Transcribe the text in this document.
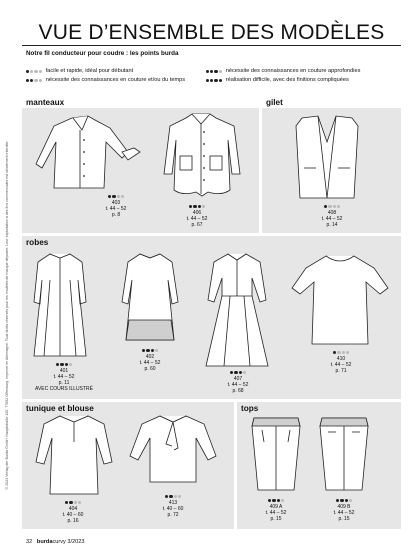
© 2023 Verlag der Burda GmbH, Hauptstraße 130, 77652 Offenburg. Imprimé en Allemagne. Tous droits réservés pour les modèles de marque déposée. Leur exploitation à des fins commerciales est strictement interdite.
VUE D’ENSEMBLE DES MODÈLES
Notre fil conducteur pour coudre : les points burda
facile et rapide, idéal pour débutant
nécessite des connaissances en couture et/ou du temps
nécessite des connaissances en couture approfondies
réalisation difficile, avec des finitions compliquées
manteaux	gilet
robes
tunique et blouse	tops
403
t. 44 – 52
p. 8	406
t. 44 – 52
p. 67
408
t. 44 – 52
p. 14
401
t. 44 – 52
p. 11
AVEC COURS ILLUSTRÉ
402
t. 44 – 52
p. 60
407
t. 44 – 52
p. 68
410
t. 44 – 52
p. 71
404
t. 40 – 60
p. 16
413
t. 40 – 60
p. 72
409 A
t. 44 – 52
p. 15
409 B
t. 44 – 52
p. 15
32 burdacurvy 3/2023
